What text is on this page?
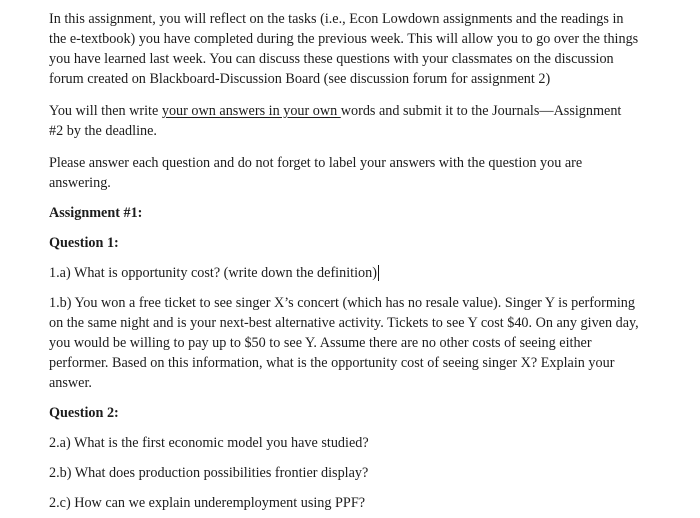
In this assignment, you will reflect on the tasks (i.e., Econ Lowdown assignments and the readings in the e-textbook) you have completed during the previous week. This will allow you to go over the things you have learned last week. You can discuss these questions with your classmates on the discussion forum created on Blackboard-Discussion Board (see discussion forum for assignment 2)

You will then write your own answers in your own words and submit it to the Journals—Assignment #2 by the deadline.

Please answer each question and do not forget to label your answers with the question you are answering.

Assignment #1:

Question 1:

1.a) What is opportunity cost? (write down the definition)

1.b) You won a free ticket to see singer X’s concert (which has no resale value). Singer Y is performing on the same night and is your next-best alternative activity. Tickets to see Y cost $40. On any given day, you would be willing to pay up to $50 to see Y. Assume there are no other costs of seeing either performer. Based on this information, what is the opportunity cost of seeing singer X? Explain your answer.

Question 2:

2.a) What is the first economic model you have studied?

2.b) What does production possibilities frontier display?

2.c) How can we explain underemployment using PPF?
